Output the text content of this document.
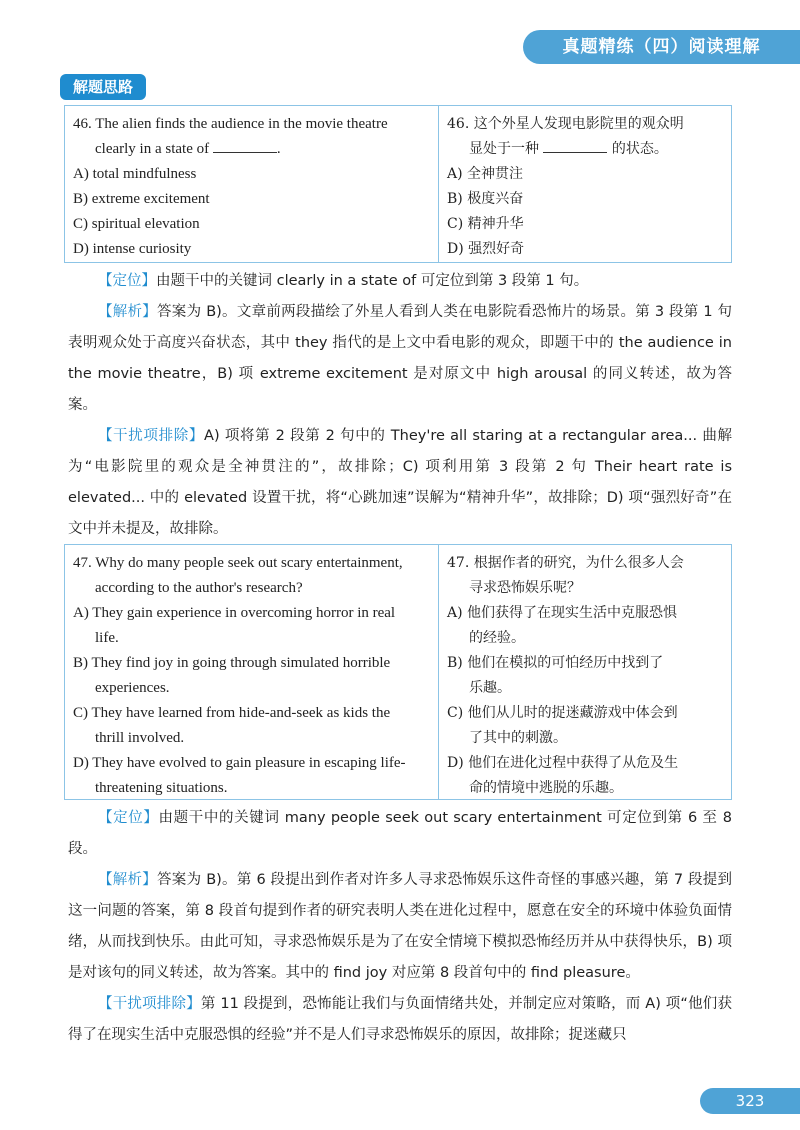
真题精练（四）阅读理解
解题思路
46. The alien finds the audience in the movie theatre
clearly in a state of	.
A) total mindfulness
B) extreme excitement
C) spiritual elevation
D) intense curiosity
46. 这个外星人发现电影院里的观众明
显处于一种	的状态。
A) 全神贯注
B) 极度兴奋
C) 精神升华
D) 强烈好奇
【定位】由题干中的关键词 clearly in a state of 可定位到第 3 段第 1 句。
【解析】答案为 B)。文章前两段描绘了外星人看到人类在电影院看恐怖片的场景。第 3 段第 1 句表明观众处于高度兴奋状态，其中 they 指代的是上文中看电影的观众，即题干中的 the audience in the movie theatre，B) 项 extreme excitement 是对原文中 high arousal 的同义转述，故为答案。
【干扰项排除】A) 项将第 2 段第 2 句中的 They're all staring at a rectangular area... 曲解为“电影院里的观众是全神贯注的”，故排除；C) 项利用第 3 段第 2 句 Their heart rate is elevated... 中的 elevated 设置干扰，将“心跳加速”误解为“精神升华”，故排除；D) 项“强烈好奇”在文中并未提及，故排除。
47. Why do many people seek out scary entertainment,
according to the author's research?
A) They gain experience in overcoming horror in real
life.
B) They find joy in going through simulated horrible
experiences.
C) They have learned from hide-and-seek as kids the
thrill involved.
D) They have evolved to gain pleasure in escaping life-
threatening situations.
47. 根据作者的研究，为什么很多人会
寻求恐怖娱乐呢？
A) 他们获得了在现实生活中克服恐惧
的经验。
B) 他们在模拟的可怕经历中找到了
乐趣。
C) 他们从儿时的捉迷藏游戏中体会到
了其中的刺激。
D) 他们在进化过程中获得了从危及生
命的情境中逃脱的乐趣。
【定位】由题干中的关键词 many people seek out scary entertainment 可定位到第 6 至 8 段。
【解析】答案为 B)。第 6 段提出到作者对许多人寻求恐怖娱乐这件奇怪的事感兴趣，第 7 段提到这一问题的答案，第 8 段首句提到作者的研究表明人类在进化过程中，愿意在安全的环境中体验负面情绪，从而找到快乐。由此可知，寻求恐怖娱乐是为了在安全情境下模拟恐怖经历并从中获得快乐，B) 项是对该句的同义转述，故为答案。其中的 find joy 对应第 8 段首句中的 find pleasure。
【干扰项排除】第 11 段提到，恐怖能让我们与负面情绪共处，并制定应对策略，而 A) 项“他们获得了在现实生活中克服恐惧的经验”并不是人们寻求恐怖娱乐的原因，故排除；捉迷藏只
323
